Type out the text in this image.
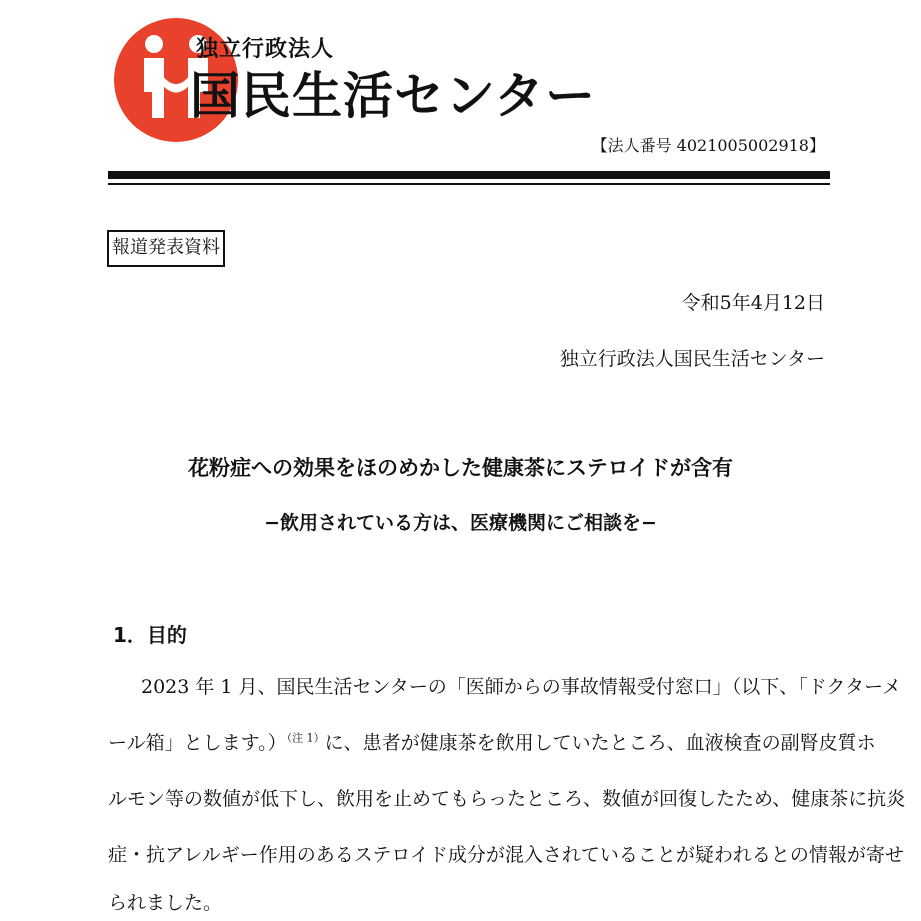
独立行政法人
国民生活センター
【法人番号 4021005002918】
報道発表資料
令和5年4月12日
独立行政法人国民生活センター
花粉症への効果をほのめかした健康茶にステロイドが含有
−飲用されている方は、医療機関にご相談を−
1．目的
2023 年 1 月、国民生活センターの「医師からの事故情報受付窓口」（以下、「ドクターメ
ール箱」とします。）$^{(注 1)}$に、患者が健康茶を飲用していたところ、血液検査の副腎皮質ホ
ルモン等の数値が低下し、飲用を止めてもらったところ、数値が回復したため、健康茶に抗炎
症・抗アレルギー作用のあるステロイド成分が混入されていることが疑われるとの情報が寄せ
られました。
